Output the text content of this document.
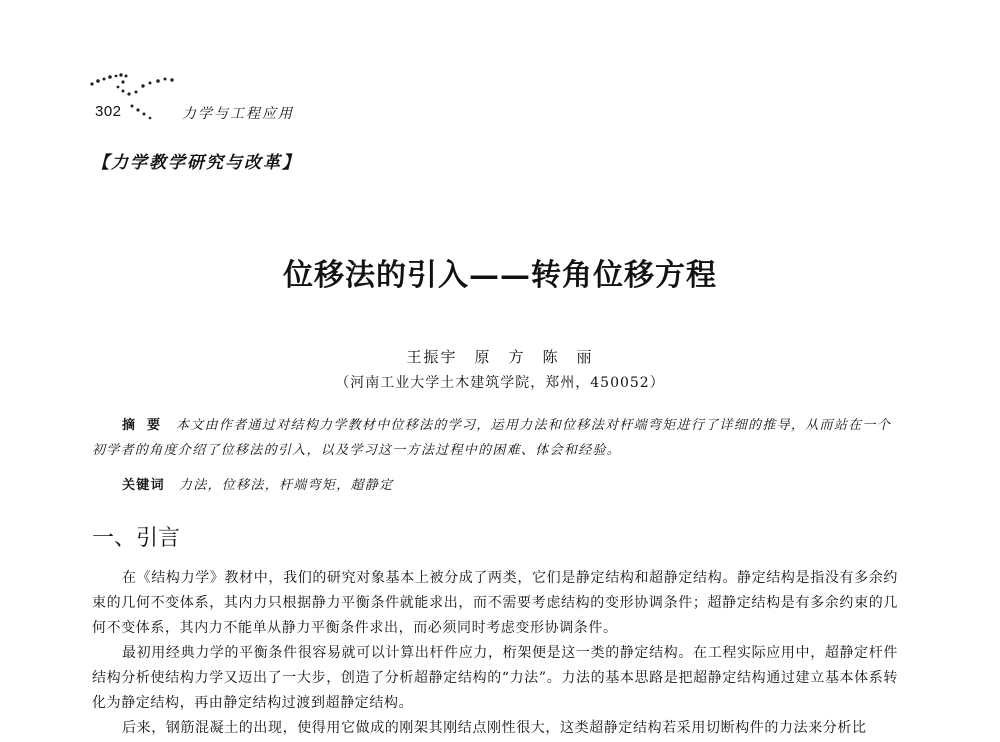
302	力学与工程应用
【力学教学研究与改革】
位移法的引入——转角位移方程
王振宇　原　方　陈　丽
（河南工业大学土木建筑学院，郑州，450052）
摘要 本文由作者通过对结构力学教材中位移法的学习，运用力法和位移法对杆端弯矩进行了详细的推导，从而站在一个初学者的角度介绍了位移法的引入，以及学习这一方法过程中的困难、体会和经验。
关键词 力法，位移法，杆端弯矩，超静定
一、引言

在《结构力学》教材中，我们的研究对象基本上被分成了两类，它们是静定结构和超静定结构。静定结构是指没有多余约束的几何不变体系，其内力只根据静力平衡条件就能求出，而不需要考虑结构的变形协调条件；超静定结构是有多余约束的几何不变体系，其内力不能单从静力平衡条件求出，而必须同时考虑变形协调条件。

最初用经典力学的平衡条件很容易就可以计算出杆件应力，桁架便是这一类的静定结构。在工程实际应用中，超静定杆件结构分析使结构力学又迈出了一大步，创造了分析超静定结构的“力法”。力法的基本思路是把超静定结构通过建立基本体系转化为静定结构，再由静定结构过渡到超静定结构。

后来，钢筋混凝土的出现，使得用它做成的刚架其刚结点刚性很大，这类超静定结构若采用切断构件的力法来分析比
